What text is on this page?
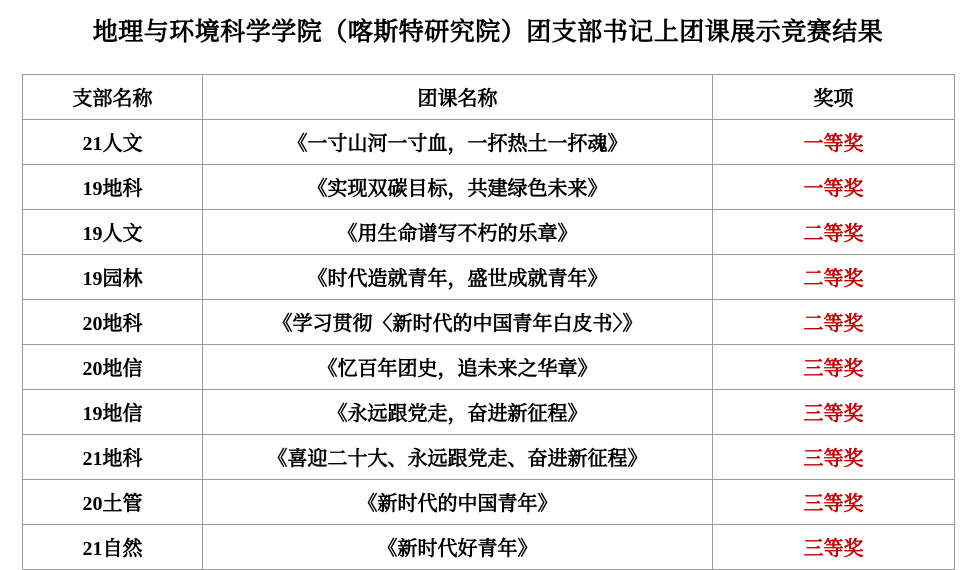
地理与环境科学学院（喀斯特研究院）团支部书记上团课展示竞赛结果
支部名称	团课名称	奖项
21人文	《一寸山河一寸血，一抔热土一抔魂》	一等奖
19地科	《实现双碳目标，共建绿色未来》	一等奖
19人文	《用生命谱写不朽的乐章》	二等奖
19园林	《时代造就青年，盛世成就青年》	二等奖
20地科	《学习贯彻〈新时代的中国青年白皮书〉》	二等奖
20地信	《忆百年团史，追未来之华章》	三等奖
19地信	《永远跟党走，奋进新征程》	三等奖
21地科	《喜迎二十大、永远跟党走、奋进新征程》	三等奖
20土管	《新时代的中国青年》	三等奖
21自然	《新时代好青年》	三等奖
